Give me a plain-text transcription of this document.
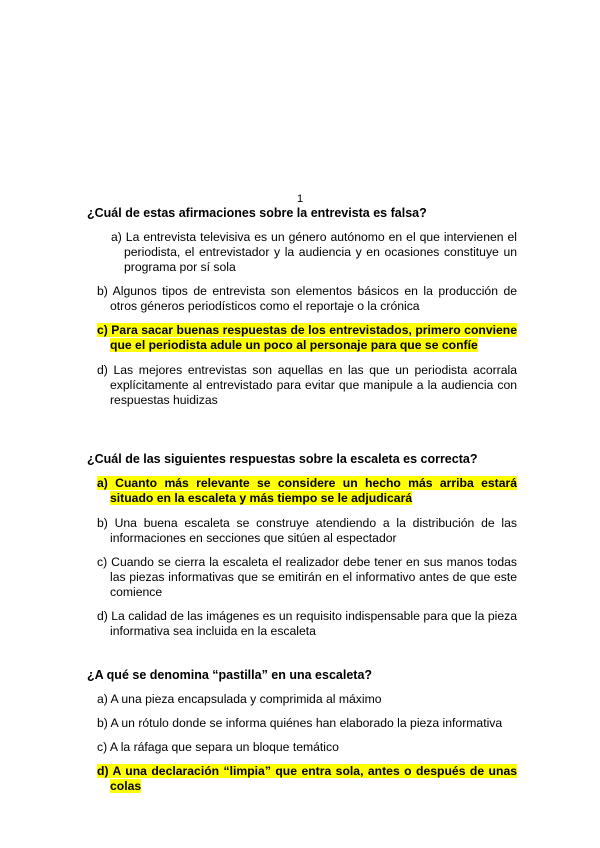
1
¿Cuál de estas afirmaciones sobre la entrevista es falsa?
a) La entrevista televisiva es un género autónomo en el que intervienen el periodista, el entrevistador y la audiencia y en ocasiones constituye un programa por sí sola
b) Algunos tipos de entrevista son elementos básicos en la producción de otros géneros periodísticos como el reportaje o la crónica
c) Para sacar buenas respuestas de los entrevistados, primero conviene que el periodista adule un poco al personaje para que se confíe
d) Las mejores entrevistas son aquellas en las que un periodista acorrala explícitamente al entrevistado para evitar que manipule a la audiencia con respuestas huidizas
¿Cuál de las siguientes respuestas sobre la escaleta es correcta?
a) Cuanto más relevante se considere un hecho más arriba estará situado en la escaleta y más tiempo se le adjudicará
b) Una buena escaleta se construye atendiendo a la distribución de las informaciones en secciones que sitúen al espectador
c) Cuando se cierra la escaleta el realizador debe tener en sus manos todas las piezas informativas que se emitirán en el informativo antes de que este comience
d) La calidad de las imágenes es un requisito indispensable para que la pieza informativa sea incluida en la escaleta
¿A qué se denomina “pastilla” en una escaleta?
a) A una pieza encapsulada y comprimida al máximo
b) A un rótulo donde se informa quiénes han elaborado la pieza informativa
c) A la ráfaga que separa un bloque temático
d) A una declaración “limpia” que entra sola, antes o después de unas colas
